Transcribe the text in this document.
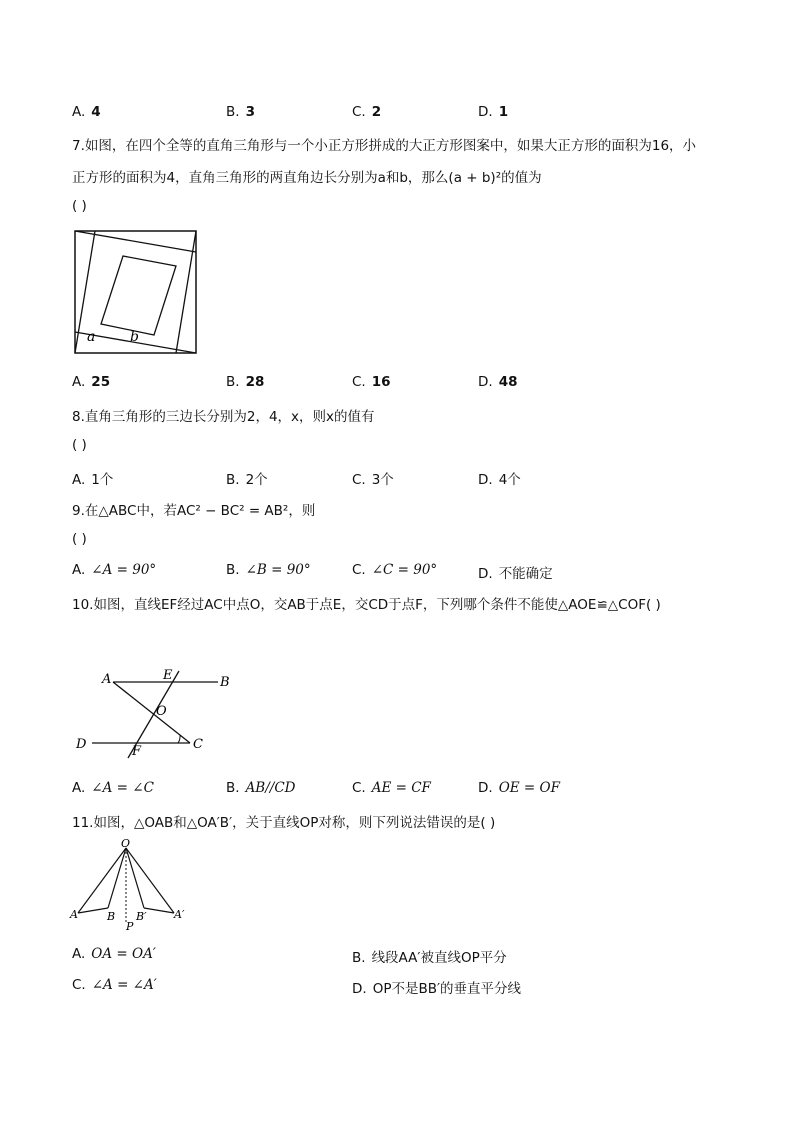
A. 4	B. 3	C. 2	D. 1
7.如图，在四个全等的直角三角形与一个小正方形拼成的大正方形图案中，如果大正方形的面积为16，小
正方形的面积为4，直角三角形的两直角边长分别为a和b，那么(a + b)²的值为
( )
a b
A. 25	B. 28	C. 16	D. 48
8.直角三角形的三边长分别为2，4，x，则x的值有
( )
A. 1个	B. 2个	C. 3个	D. 4个
9.在△ABC中，若AC² − BC² = AB²，则
( )
A. ∠A = 90°	B. ∠B = 90°	C. ∠C = 90°	D. 不能确定
10.如图，直线EF经过AC中点O，交AB于点E，交CD于点F，下列哪个条件不能使△AOE≌△COF( )
A	E	B
O
D	F	C
A. ∠A = ∠C	B. AB//CD	C. AE = CF	D. OE = OF
11.如图，△OAB和△OA′B′，关于直线OP对称，则下列说法错误的是( )
O
A	B
P
B′ A′
A. OA = OA′	B. 线段AA′被直线OP平分
C. ∠A = ∠A′	D. OP不是BB′的垂直平分线
